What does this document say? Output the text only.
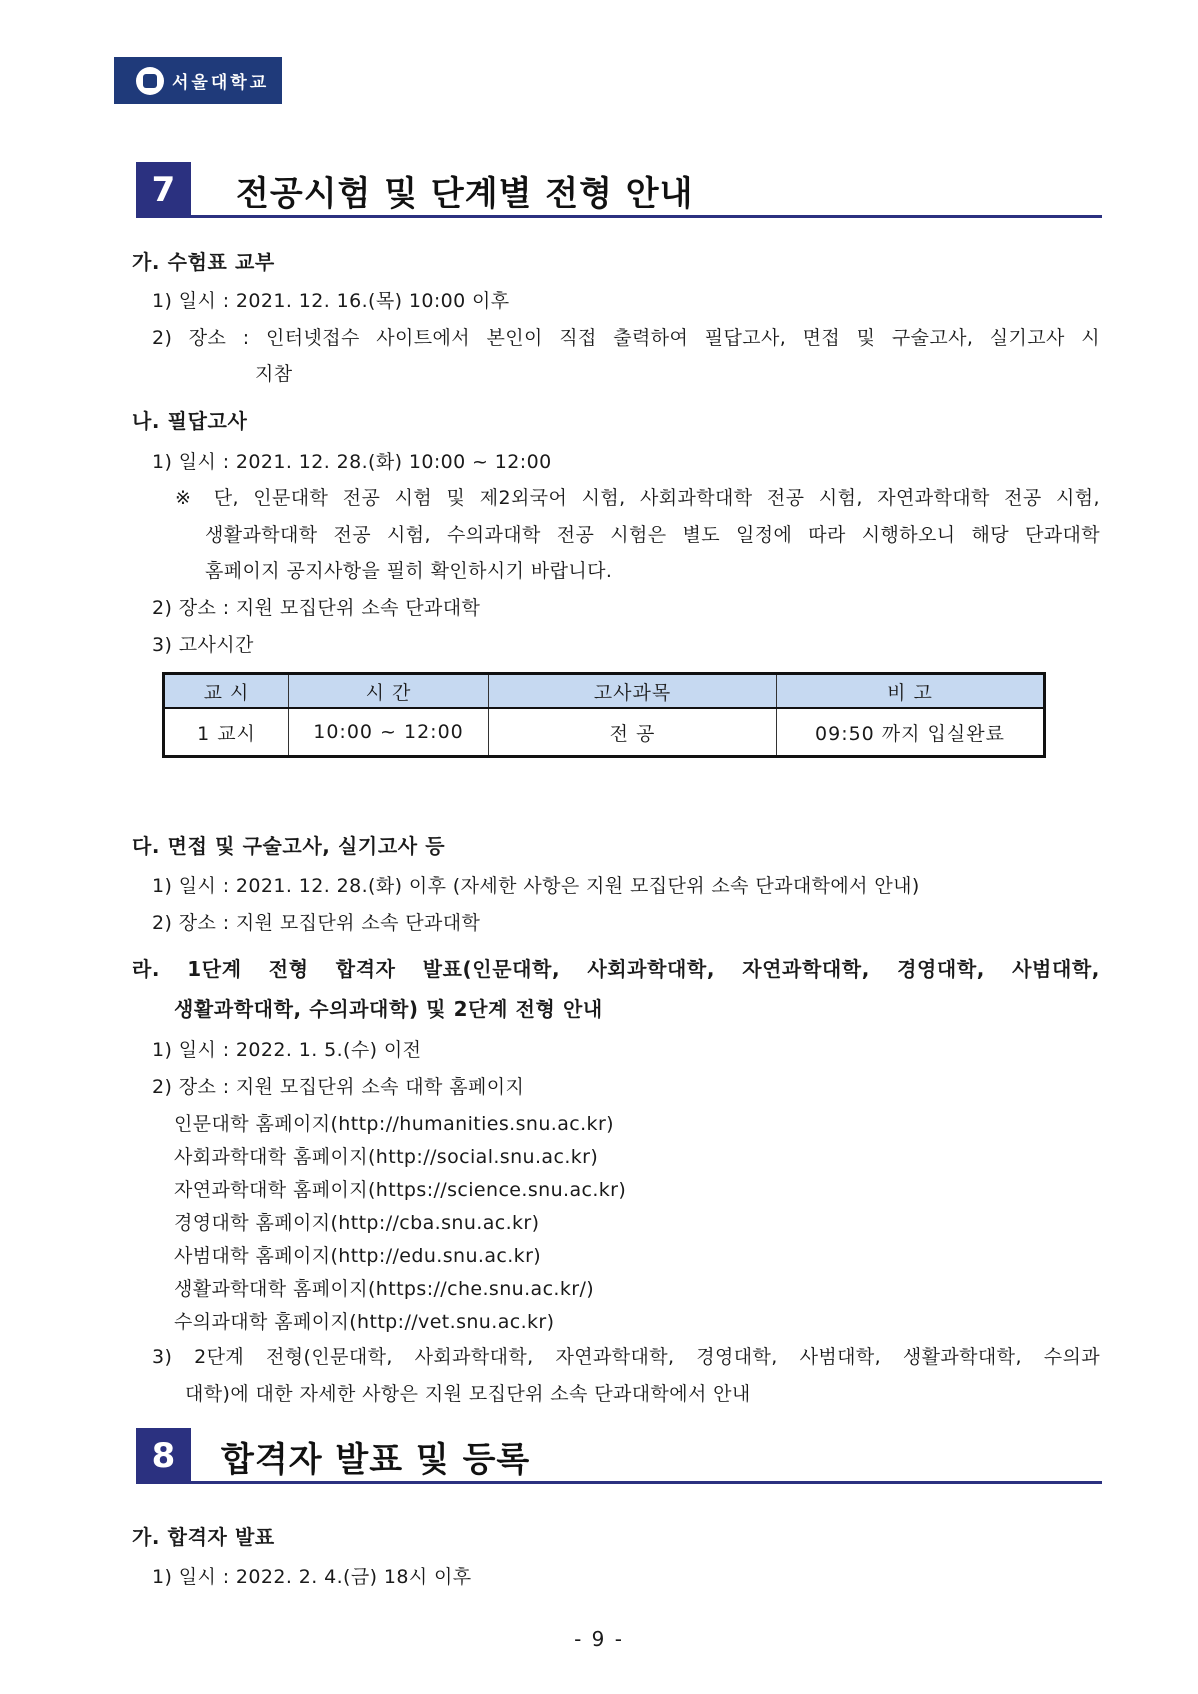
서울대학교
7	전공시험 및 단계별 전형 안내
가. 수험표 교부
1) 일시 : 2021. 12. 16.(목) 10:00 이후
2) 장소 : 인터넷접수 사이트에서 본인이 직접 출력하여 필답고사, 면접 및 구술고사, 실기고사 시
지참
나. 필답고사
1) 일시 : 2021. 12. 28.(화) 10:00 ~ 12:00
※ 단, 인문대학 전공 시험 및 제2외국어 시험, 사회과학대학 전공 시험, 자연과학대학 전공 시험,
생활과학대학 전공 시험, 수의과대학 전공 시험은 별도 일정에 따라 시행하오니 해당 단과대학
홈페이지 공지사항을 필히 확인하시기 바랍니다.
2) 장소 : 지원 모집단위 소속 단과대학
3) 고사시간
교 시	시 간	고사과목	비 고
1 교시	10:00 ~ 12:00	전 공	09:50 까지 입실완료
다. 면접 및 구술고사, 실기고사 등
1) 일시 : 2021. 12. 28.(화) 이후 (자세한 사항은 지원 모집단위 소속 단과대학에서 안내)
2) 장소 : 지원 모집단위 소속 단과대학
라. 1단계 전형 합격자 발표(인문대학, 사회과학대학, 자연과학대학, 경영대학, 사범대학,
생활과학대학, 수의과대학) 및 2단계 전형 안내
1) 일시 : 2022. 1. 5.(수) 이전
2) 장소 : 지원 모집단위 소속 대학 홈페이지
인문대학 홈페이지(http://humanities.snu.ac.kr)
사회과학대학 홈페이지(http://social.snu.ac.kr)
자연과학대학 홈페이지(https://science.snu.ac.kr)
경영대학 홈페이지(http://cba.snu.ac.kr)
사범대학 홈페이지(http://edu.snu.ac.kr)
생활과학대학 홈페이지(https://che.snu.ac.kr/)
수의과대학 홈페이지(http://vet.snu.ac.kr)
3) 2단계 전형(인문대학, 사회과학대학, 자연과학대학, 경영대학, 사범대학, 생활과학대학, 수의과
대학)에 대한 자세한 사항은 지원 모집단위 소속 단과대학에서 안내
8	합격자 발표 및 등록
가. 합격자 발표
1) 일시 : 2022. 2. 4.(금) 18시 이후
- 9 -
